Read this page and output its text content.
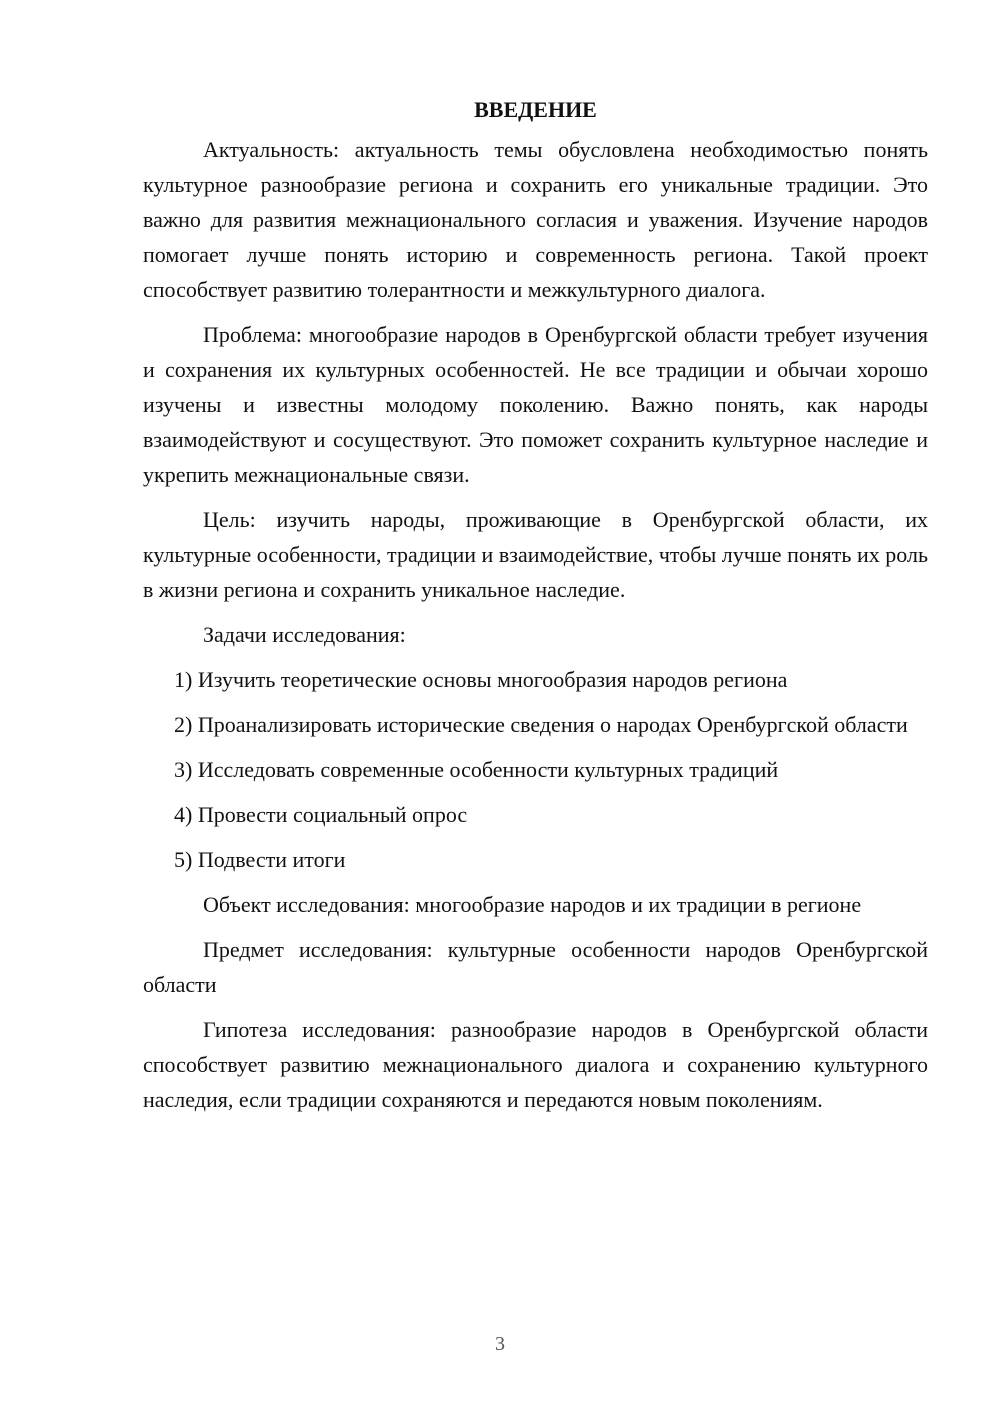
ВВЕДЕНИЕ

Актуальность: актуальность темы обусловлена необходимостью понять культурное разнообразие региона и сохранить его уникальные традиции. Это важно для развития межнационального согласия и уважения. Изучение народов помогает лучше понять историю и современность региона. Такой проект способствует развитию толерантности и межкультурного диалога.

Проблема: многообразие народов в Оренбургской области требует изучения и сохранения их культурных особенностей. Не все традиции и обычаи хорошо изучены и известны молодому поколению. Важно понять, как народы взаимодействуют и сосуществуют. Это поможет сохранить культурное наследие и укрепить межнациональные связи.

Цель: изучить народы, проживающие в Оренбургской области, их культурные особенности, традиции и взаимодействие, чтобы лучше понять их роль в жизни региона и сохранить уникальное наследие.

Задачи исследования:

1) Изучить теоретические основы многообразия народов региона

2) Проанализировать исторические сведения о народах Оренбургской области

3) Исследовать современные особенности культурных традиций

4) Провести социальный опрос

5) Подвести итоги

Объект исследования: многообразие народов и их традиции в регионе

Предмет исследования: культурные особенности народов Оренбургской области

Гипотеза исследования: разнообразие народов в Оренбургской области способствует развитию межнационального диалога и сохранению культурного наследия, если традиции сохраняются и передаются новым поколениям.

3
